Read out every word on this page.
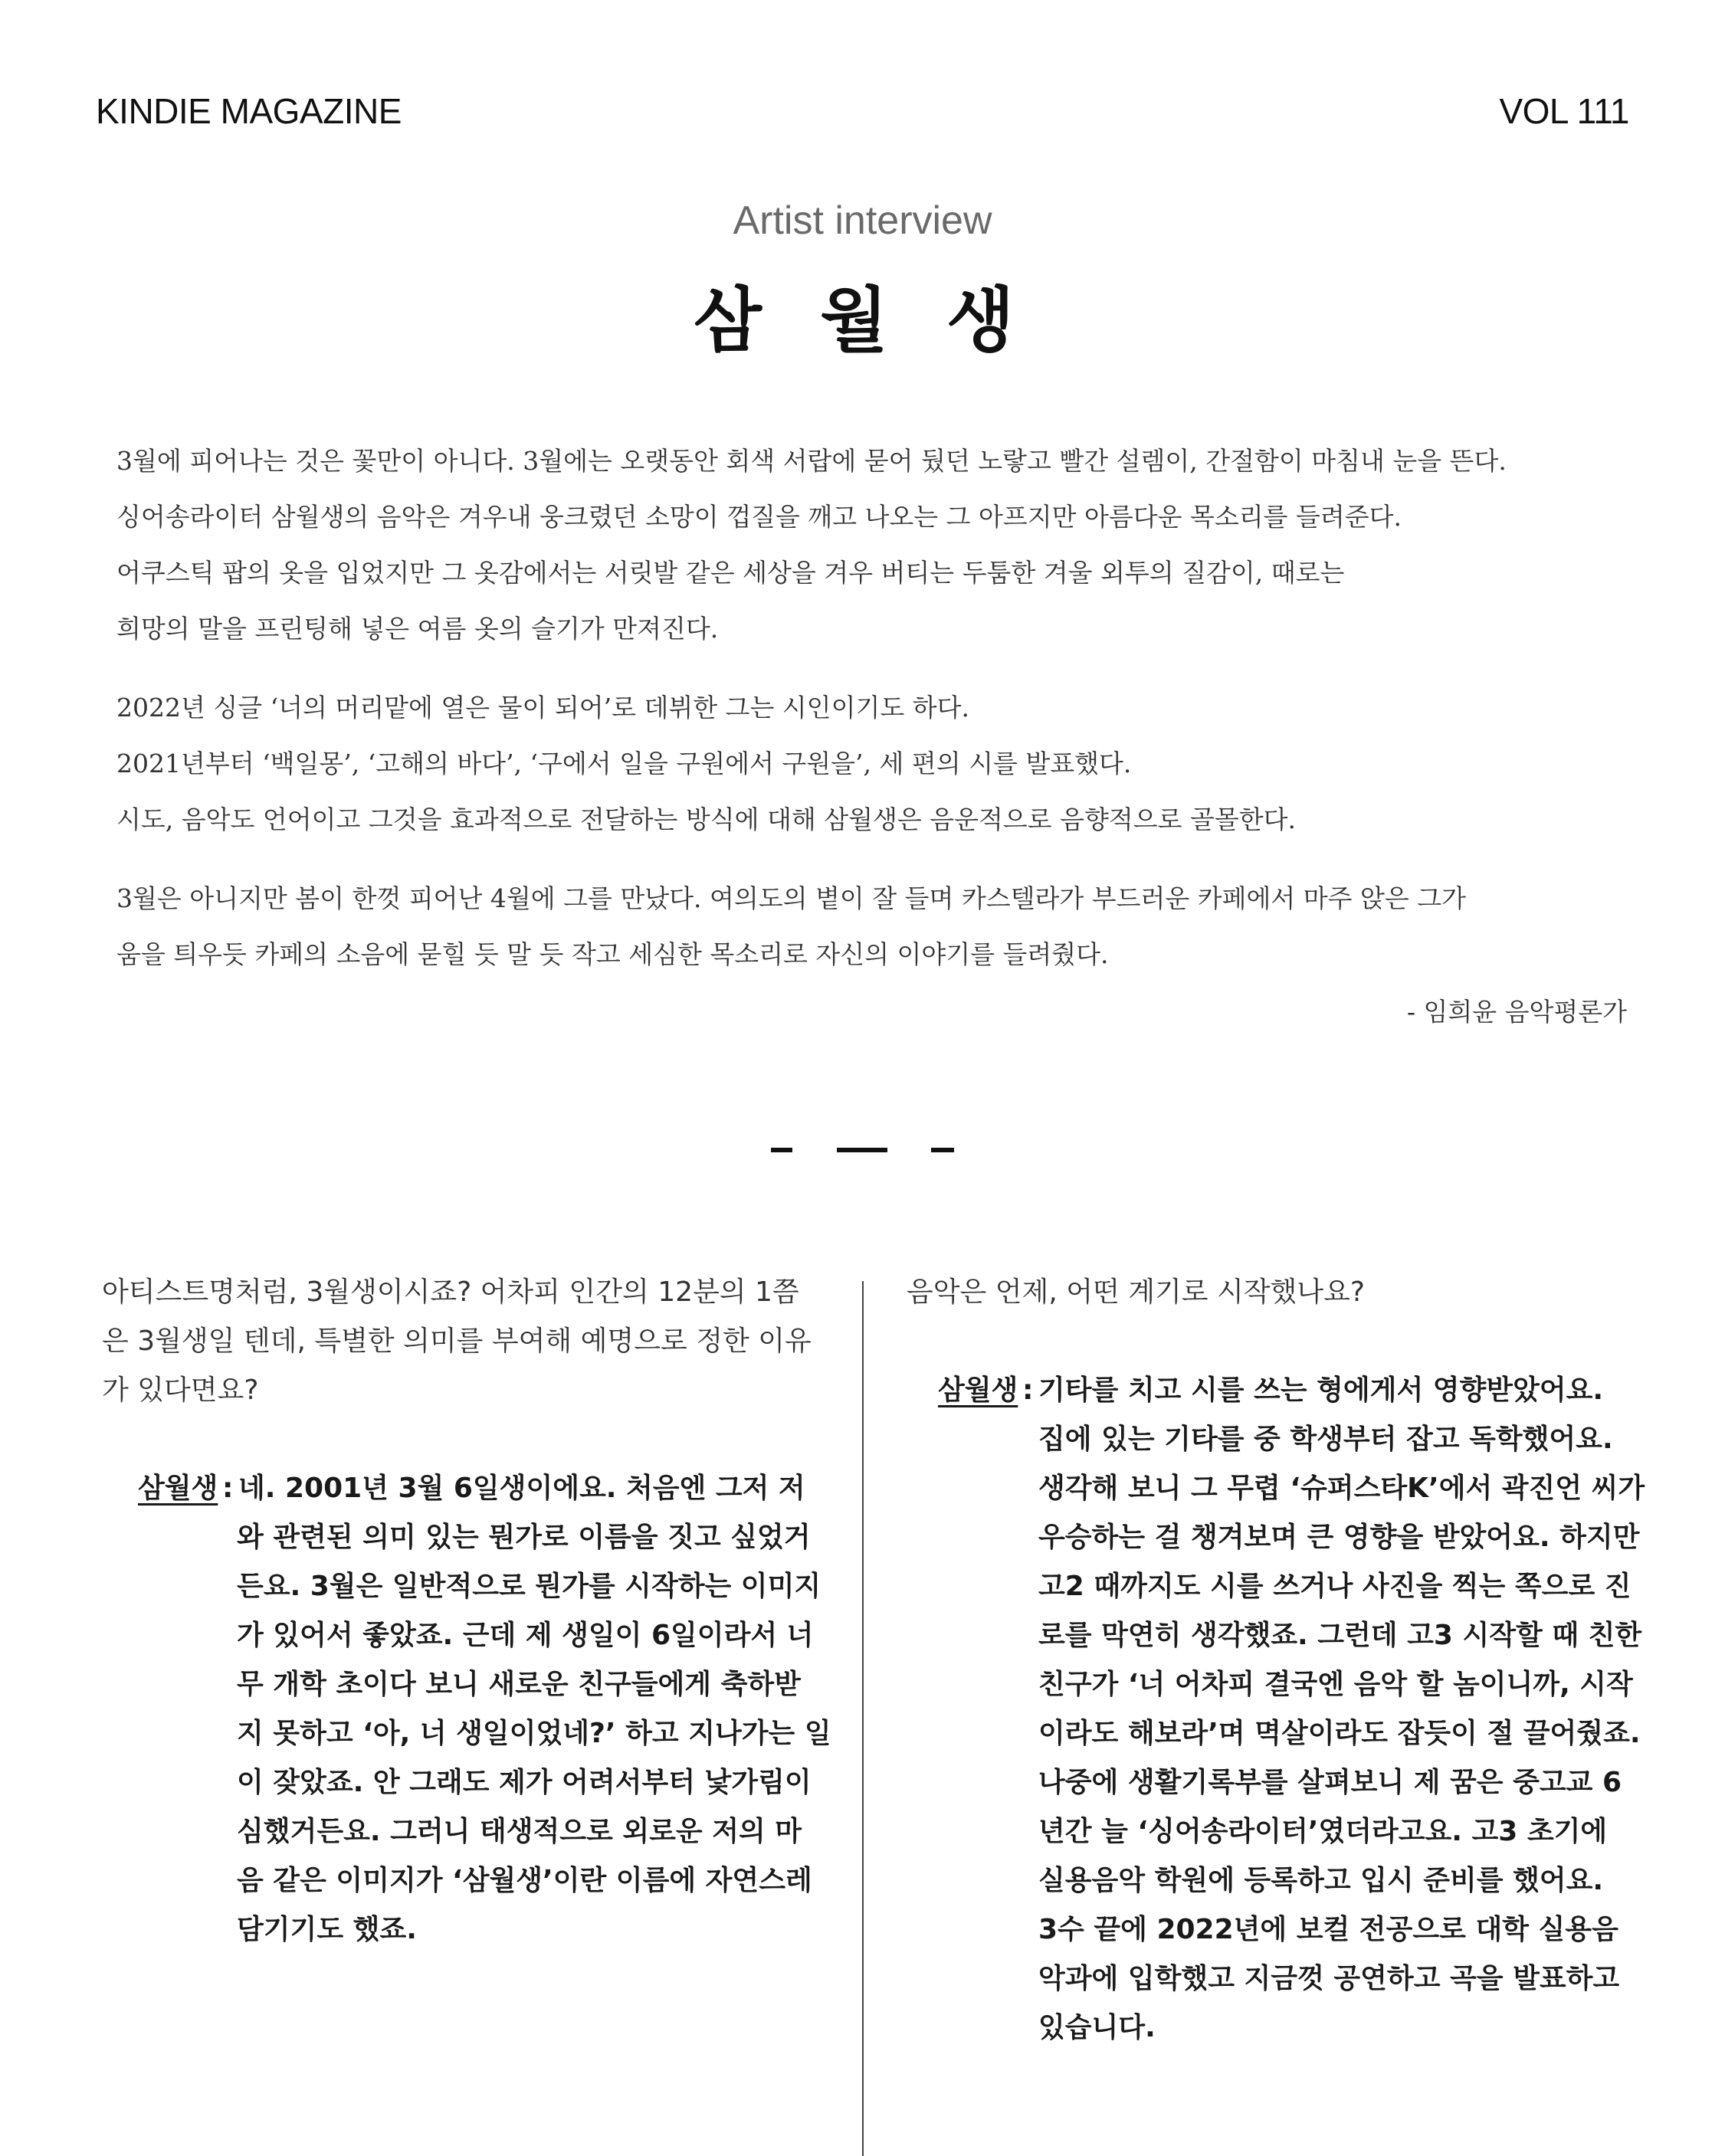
KINDIE MAGAZINE	VOL 111
Artist interview
삼 월 생

3월에 피어나는 것은 꽃만이 아니다. 3월에는 오랫동안 회색 서랍에 묻어 뒀던 노랗고 빨간 설렘이, 간절함이 마침내 눈을 뜬다.

싱어송라이터 삼월생의 음악은 겨우내 웅크렸던 소망이 껍질을 깨고 나오는 그 아프지만 아름다운 목소리를 들려준다.

어쿠스틱 팝의 옷을 입었지만 그 옷감에서는 서릿발 같은 세상을 겨우 버티는 두툼한 겨울 외투의 질감이, 때로는

희망의 말을 프린팅해 넣은 여름 옷의 슬기가 만져진다.

2022년 싱글 ‘너의 머리맡에 열은 물이 되어’로 데뷔한 그는 시인이기도 하다.

2021년부터 ‘백일몽’, ‘고해의 바다’, ‘구에서 일을 구원에서 구원을’, 세 편의 시를 발표했다.

시도, 음악도 언어이고 그것을 효과적으로 전달하는 방식에 대해 삼월생은 음운적으로 음향적으로 골몰한다.

3월은 아니지만 봄이 한껏 피어난 4월에 그를 만났다. 여의도의 볕이 잘 들며 카스텔라가 부드러운 카페에서 마주 앉은 그가

움을 틔우듯 카페의 소음에 묻힐 듯 말 듯 작고 세심한 목소리로 자신의 이야기를 들려줬다.

- 임희윤 음악평론가
아티스트명처럼, 3월생이시죠? 어차피 인간의 12분의 1쯤
은 3월생일 텐데, 특별한 의미를 부여해 예명으로 정한 이유
가 있다면요?
삼월생 : 네. 2001년 3월 6일생이에요. 처음엔 그저 저
와 관련된 의미 있는 뭔가로 이름을 짓고 싶었거
든요. 3월은 일반적으로 뭔가를 시작하는 이미지
가 있어서 좋았죠. 근데 제 생일이 6일이라서 너
무 개학 초이다 보니 새로운 친구들에게 축하받
지 못하고 ‘아, 너 생일이었네?’ 하고 지나가는 일
이 잦았죠. 안 그래도 제가 어려서부터 낯가림이
심했거든요. 그러니 태생적으로 외로운 저의 마
음 같은 이미지가 ‘삼월생’이란 이름에 자연스레
담기기도 했죠.
음악은 언제, 어떤 계기로 시작했나요?
삼월생 : 기타를 치고 시를 쓰는 형에게서 영향받았어요.
집에 있는 기타를 중 학생부터 잡고 독학했어요.
생각해 보니 그 무렵 ‘슈퍼스타K’에서 곽진언 씨가
우승하는 걸 챙겨보며 큰 영향을 받았어요. 하지만
고2 때까지도 시를 쓰거나 사진을 찍는 쪽으로 진
로를 막연히 생각했죠. 그런데 고3 시작할 때 친한
친구가 ‘너 어차피 결국엔 음악 할 놈이니까, 시작
이라도 해보라’며 멱살이라도 잡듯이 절 끌어줬죠.
나중에 생활기록부를 살펴보니 제 꿈은 중고교 6
년간 늘 ‘싱어송라이터’였더라고요. 고3 초기에
실용음악 학원에 등록하고 입시 준비를 했어요.
3수 끝에 2022년에 보컬 전공으로 대학 실용음
악과에 입학했고 지금껏 공연하고 곡을 발표하고
있습니다.
